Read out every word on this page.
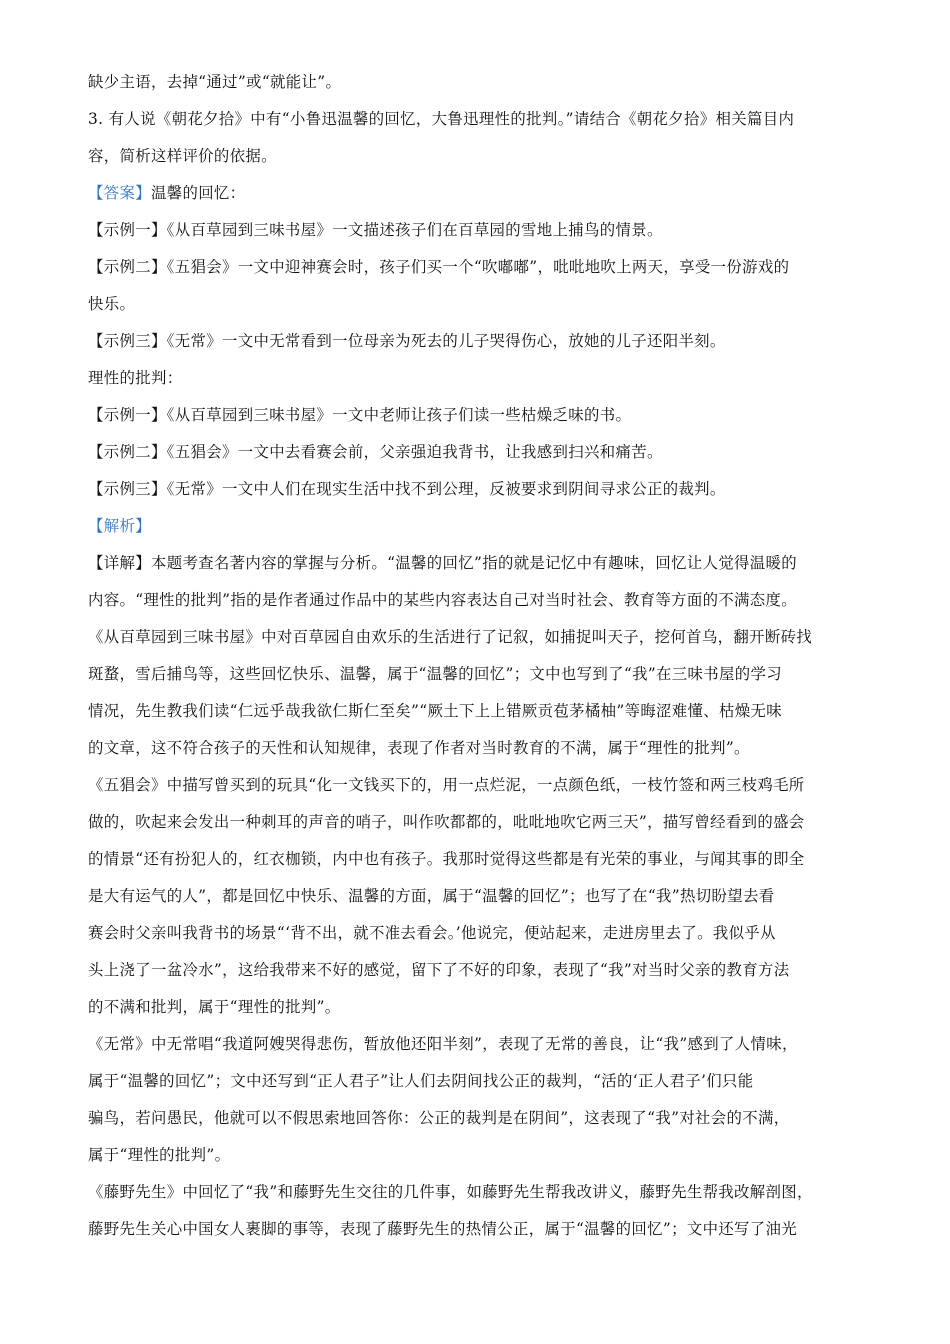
缺少主语，去掉“通过”或“就能让”。
3. 有人说《朝花夕拾》中有“小鲁迅温馨的回忆，大鲁迅理性的批判。”请结合《朝花夕拾》相关篇目内
容，简析这样评价的依据。
【答案】温馨的回忆：
【示例一】《从百草园到三味书屋》一文描述孩子们在百草园的雪地上捕鸟的情景。
【示例二】《五猖会》一文中迎神赛会时，孩子们买一个“吹嘟嘟”，吡吡地吹上两天，享受一份游戏的
快乐。
【示例三】《无常》一文中无常看到一位母亲为死去的儿子哭得伤心，放她的儿子还阳半刻。
理性的批判：
【示例一】《从百草园到三味书屋》一文中老师让孩子们读一些枯燥乏味的书。
【示例二】《五猖会》一文中去看赛会前，父亲强迫我背书，让我感到扫兴和痛苦。
【示例三】《无常》一文中人们在现实生活中找不到公理，反被要求到阴间寻求公正的裁判。
【解析】
【详解】本题考查名著内容的掌握与分析。“温馨的回忆”指的就是记忆中有趣味，回忆让人觉得温暖的
内容。“理性的批判”指的是作者通过作品中的某些内容表达自己对当时社会、教育等方面的不满态度。
《从百草园到三味书屋》中对百草园自由欢乐的生活进行了记叙，如捕捉叫天子，挖何首乌，翻开断砖找
斑蝥，雪后捕鸟等，这些回忆快乐、温馨，属于“温馨的回忆”；文中也写到了“我”在三味书屋的学习
情况，先生教我们读“仁远乎哉我欲仁斯仁至矣”“厥土下上上错厥贡苞茅橘柚”等晦涩难懂、枯燥无味
的文章，这不符合孩子的天性和认知规律，表现了作者对当时教育的不满，属于“理性的批判”。
《五猖会》中描写曾买到的玩具“化一文钱买下的，用一点烂泥，一点颜色纸，一枝竹签和两三枝鸡毛所
做的，吹起来会发出一种刺耳的声音的哨子，叫作吹都都的，吡吡地吹它两三天”，描写曾经看到的盛会
的情景“还有扮犯人的，红衣枷锁，内中也有孩子。我那时觉得这些都是有光荣的事业，与闻其事的即全
是大有运气的人”，都是回忆中快乐、温馨的方面，属于“温馨的回忆”；也写了在“我”热切盼望去看
赛会时父亲叫我背书的场景“‘背不出，就不准去看会。’他说完，便站起来，走进房里去了。我似乎从
头上浇了一盆冷水”，这给我带来不好的感觉，留下了不好的印象，表现了“我”对当时父亲的教育方法
的不满和批判，属于“理性的批判”。
《无常》中无常唱“我道阿嫂哭得悲伤，暂放他还阳半刻”，表现了无常的善良，让“我”感到了人情味，
属于“温馨的回忆”；文中还写到“正人君子”让人们去阴间找公正的裁判，“活的‘正人君子’们只能
骗鸟，若问愚民，他就可以不假思索地回答你：公正的裁判是在阴间”，这表现了“我”对社会的不满，
属于“理性的批判”。
《藤野先生》中回忆了“我”和藤野先生交往的几件事，如藤野先生帮我改讲义，藤野先生帮我改解剖图，
藤野先生关心中国女人裹脚的事等，表现了藤野先生的热情公正，属于“温馨的回忆”；文中还写了油光
